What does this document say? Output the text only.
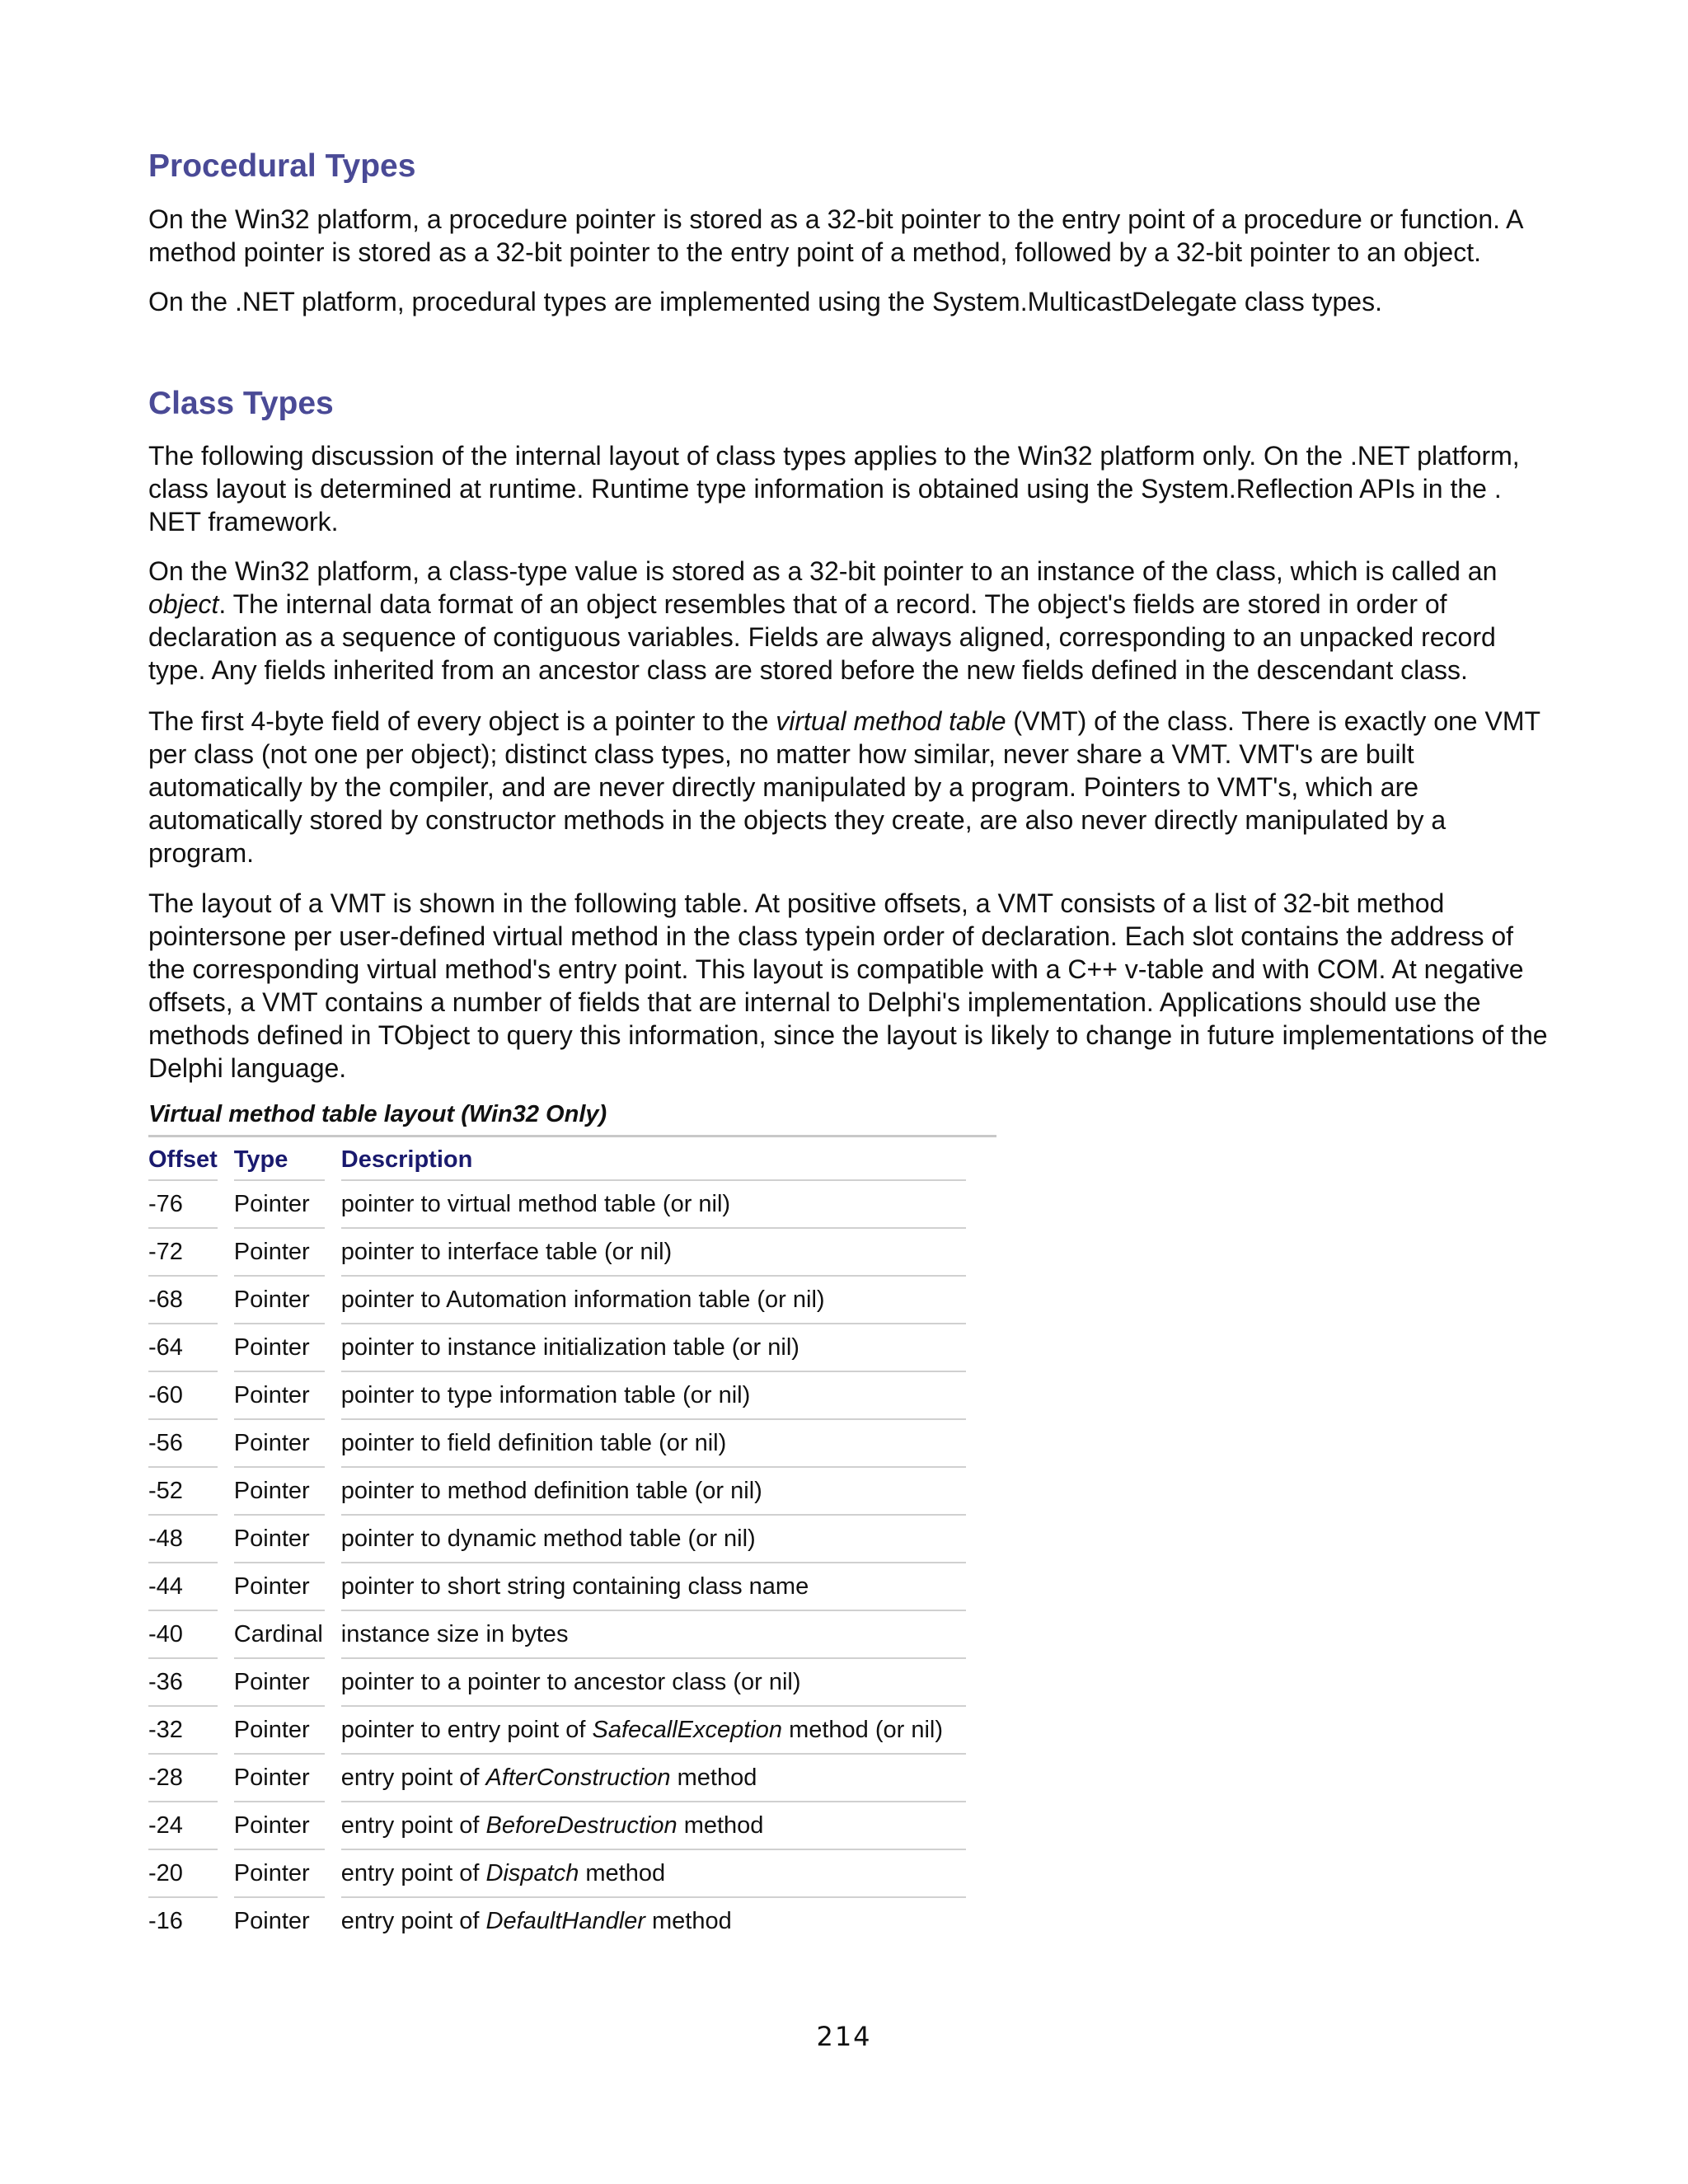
Procedural Types

On the Win32 platform, a procedure pointer is stored as a 32-bit pointer to the entry point of a procedure or function. A method pointer is stored as a 32-bit pointer to the entry point of a method, followed by a 32-bit pointer to an object.

On the .NET platform, procedural types are implemented using the System.MulticastDelegate class types.

Class Types

The following discussion of the internal layout of class types applies to the Win32 platform only. On the .NET platform, class layout is determined at runtime. Runtime type information is obtained using the System.Reflection APIs in the . NET framework.

On the Win32 platform, a class-type value is stored as a 32-bit pointer to an instance of the class, which is called an object. The internal data format of an object resembles that of a record. The object's fields are stored in order of declaration as a sequence of contiguous variables. Fields are always aligned, corresponding to an unpacked record type. Any fields inherited from an ancestor class are stored before the new fields defined in the descendant class.

The first 4-byte field of every object is a pointer to the virtual method table (VMT) of the class. There is exactly one VMT per class (not one per object); distinct class types, no matter how similar, never share a VMT. VMT's are built automatically by the compiler, and are never directly manipulated by a program. Pointers to VMT's, which are automatically stored by constructor methods in the objects they create, are also never directly manipulated by a program.

The layout of a VMT is shown in the following table. At positive offsets, a VMT consists of a list of 32-bit method pointersone per user-defined virtual method in the class typein order of declaration. Each slot contains the address of the corresponding virtual method's entry point. This layout is compatible with a C++ v-table and with COM. At negative offsets, a VMT contains a number of fields that are internal to Delphi's implementation. Applications should use the methods defined in TObject to query this information, since the layout is likely to change in future implementations of the Delphi language.

Virtual method table layout (Win32 Only)
Offset	Type	Description
-76	Pointer	pointer to virtual method table (or nil)
-72	Pointer	pointer to interface table (or nil)
-68	Pointer	pointer to Automation information table (or nil)
-64	Pointer	pointer to instance initialization table (or nil)
-60	Pointer	pointer to type information table (or nil)
-56	Pointer	pointer to field definition table (or nil)
-52	Pointer	pointer to method definition table (or nil)
-48	Pointer	pointer to dynamic method table (or nil)
-44	Pointer	pointer to short string containing class name
-40	Cardinal	instance size in bytes
-36	Pointer	pointer to a pointer to ancestor class (or nil)
-32	Pointer	pointer to entry point of SafecallException method (or nil)
-28	Pointer	entry point of AfterConstruction method
-24	Pointer	entry point of BeforeDestruction method
-20	Pointer	entry point of Dispatch method
-16	Pointer	entry point of DefaultHandler method
214
